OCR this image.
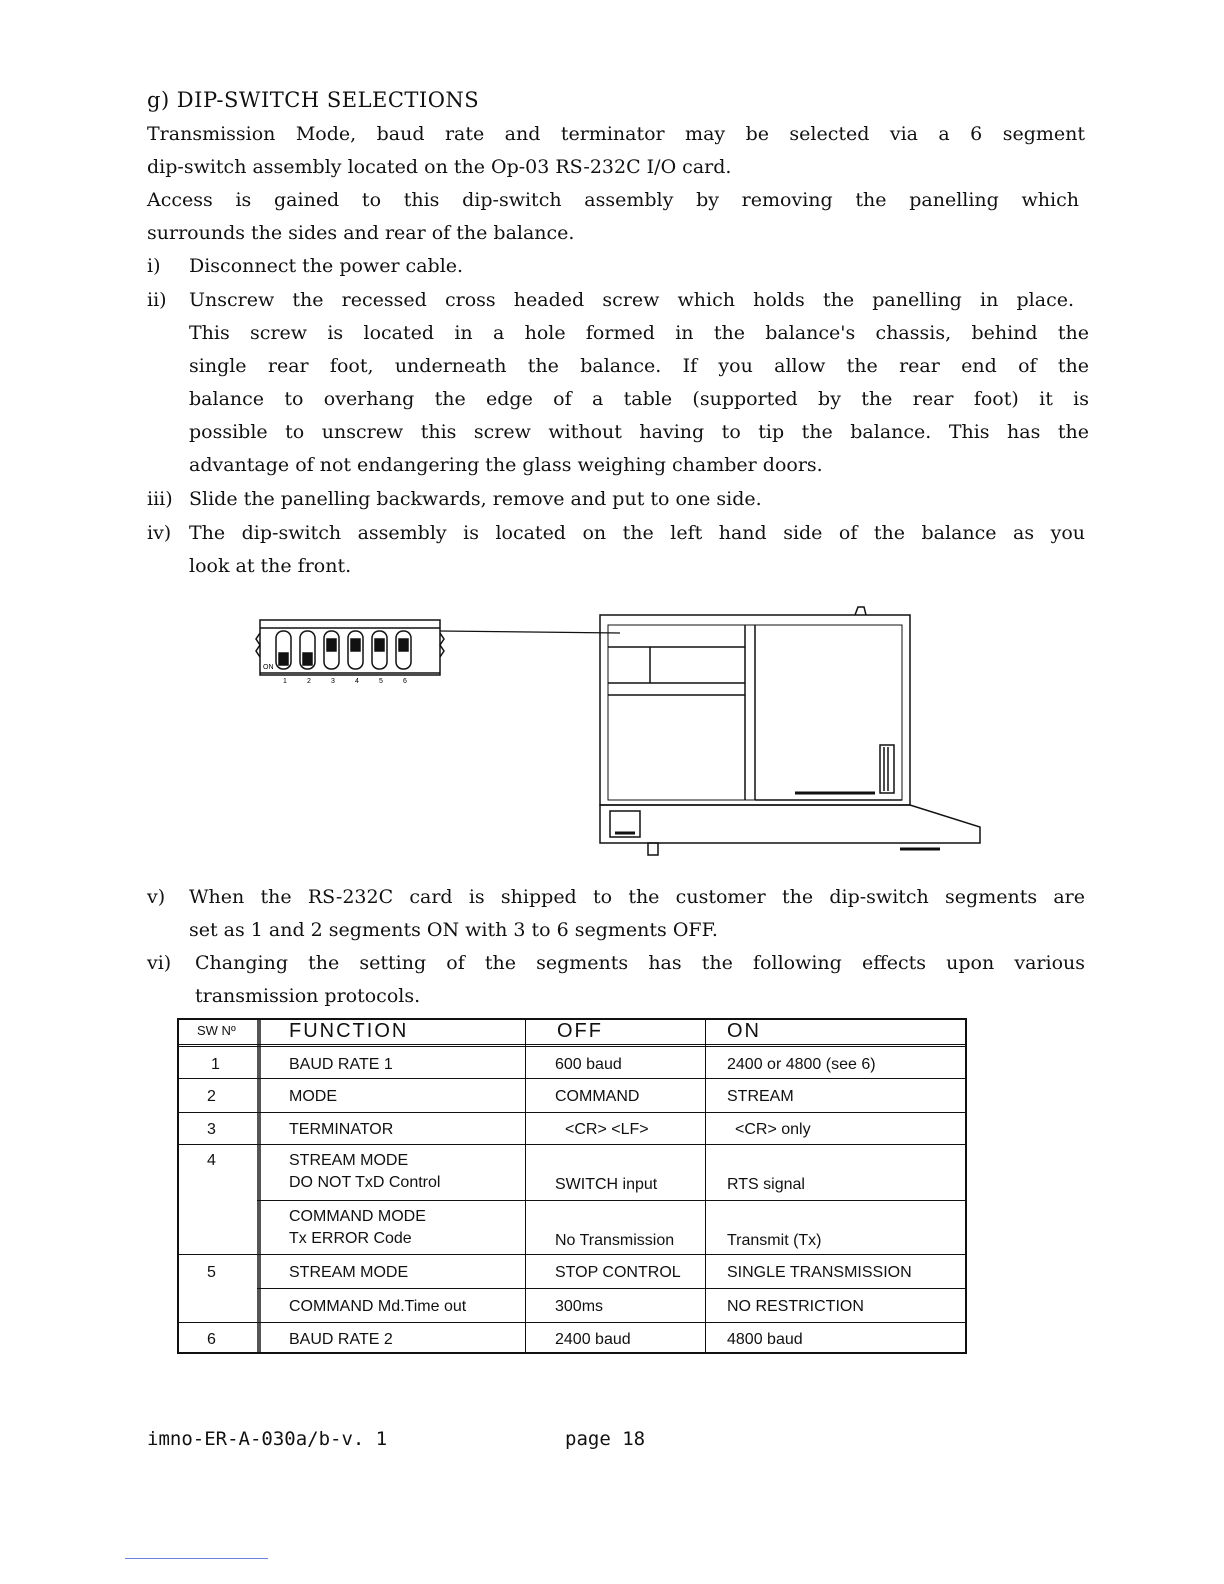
g) DIP-SWITCH SELECTIONS
Transmission Mode, baud rate and terminator may be selected via a 6 segment
dip-switch assembly located on the Op-03 RS-232C I/O card.
Access is gained to this dip-switch assembly by removing the panelling which
surrounds the sides and rear of the balance.
i) Disconnect the power cable.
ii) Unscrew the recessed cross headed screw which holds the panelling in place.
This screw is located in a hole formed in the balance's chassis, behind the
single rear foot, underneath the balance. If you allow the rear end of the
balance to overhang the edge of a table (supported by the rear foot) it is
possible to unscrew this screw without having to tip the balance. This has the
advantage of not endangering the glass weighing chamber doors.
iii) Slide the panelling backwards, remove and put to one side.
iv) The dip-switch assembly is located on the left hand side of the balance as you
look at the front.
ON
1	2	3	4	5	6
v) When the RS-232C card is shipped to the customer the dip-switch segments are
set as 1 and 2 segments ON with 3 to 6 segments OFF.
vi) Changing the setting of the segments has the following effects upon various
transmission protocols.
SW Nº	FUNCTION	OFF	ON
1	BAUD RATE 1	600 baud	2400 or 4800 (see 6)
2	MODE	COMMAND	STREAM
3	TERMINATOR	<CR> <LF>	<CR> only
4	STREAM MODE
DO NOT TxD Control	SWITCH input	RTS signal
COMMAND MODE
Tx ERROR Code	No Transmission	Transmit (Tx)
5	STREAM MODE	STOP CONTROL	SINGLE TRANSMISSION
COMMAND Md.Time out	300ms	NO RESTRICTION
6	BAUD RATE 2	2400 baud	4800 baud
imno-ER-A-030a/b-v. 1	page 18
